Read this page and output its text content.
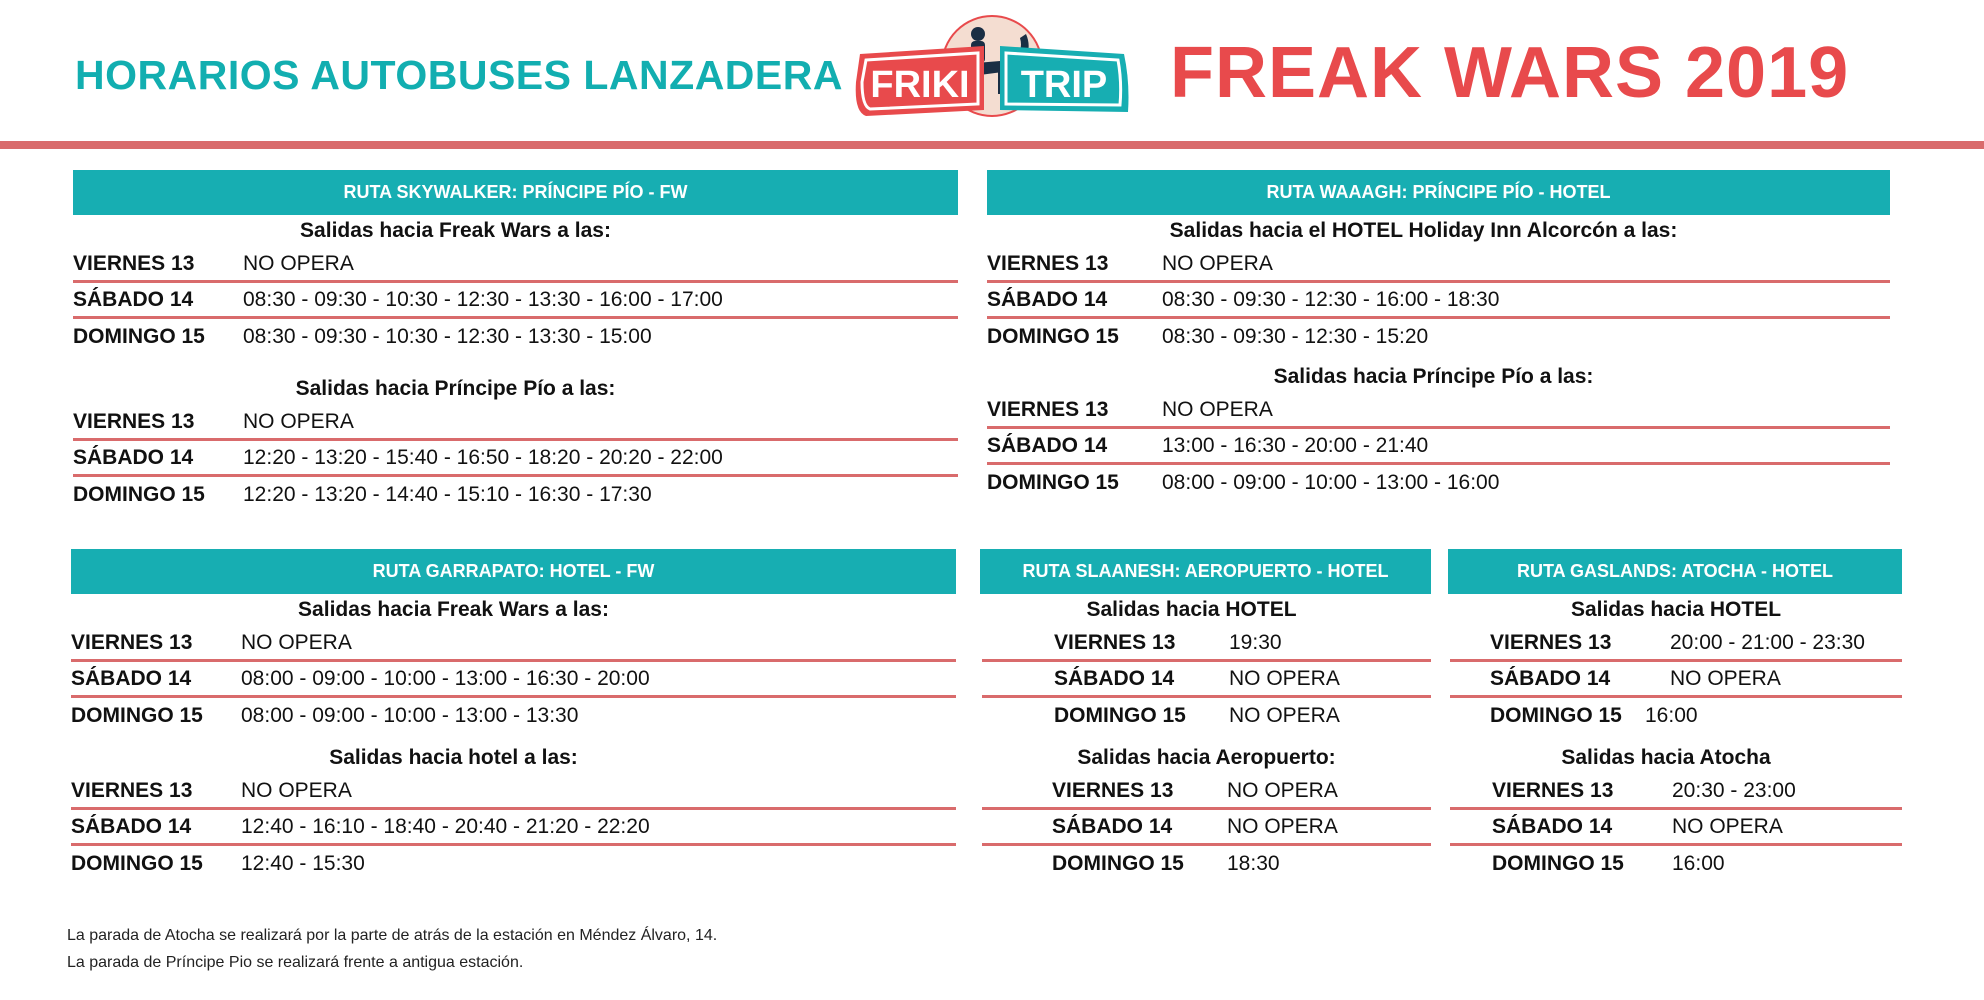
HORARIOS AUTOBUSES LANZADERA FRIKI TRIP FREAK WARS 2019
RUTA SKYWALKER: PRÍNCIPE PÍO - FW
Salidas hacia Freak Wars a las:
VIERNES 13	NO OPERA
SÁBADO 14	08:30 - 09:30 - 10:30 - 12:30 - 13:30 - 16:00 - 17:00
DOMINGO 15	08:30 - 09:30 - 10:30 - 12:30 - 13:30 - 15:00
Salidas hacia Príncipe Pío a las:
VIERNES 13	NO OPERA
SÁBADO 14	12:20 - 13:20 - 15:40 - 16:50 - 18:20 - 20:20 - 22:00
DOMINGO 15	12:20 - 13:20 - 14:40 - 15:10 - 16:30 - 17:30
RUTA WAAAGH: PRÍNCIPE PÍO - HOTEL
Salidas hacia el HOTEL Holiday Inn Alcorcón a las:
VIERNES 13	NO OPERA
SÁBADO 14	08:30 - 09:30 - 12:30 - 16:00 - 18:30
DOMINGO 15	08:30 - 09:30 - 12:30 - 15:20
Salidas hacia Príncipe Pío a las:
VIERNES 13	NO OPERA
SÁBADO 14	13:00 - 16:30 - 20:00 - 21:40
DOMINGO 15	08:00 - 09:00 - 10:00 - 13:00 - 16:00
RUTA GARRAPATO: HOTEL - FW
Salidas hacia Freak Wars a las:
VIERNES 13	NO OPERA
SÁBADO 14	08:00 - 09:00 - 10:00 - 13:00 - 16:30 - 20:00
DOMINGO 15	08:00 - 09:00 - 10:00 - 13:00 - 13:30
Salidas hacia hotel a las:
VIERNES 13	NO OPERA
SÁBADO 14	12:40 - 16:10 - 18:40 - 20:40 - 21:20 - 22:20
DOMINGO 15	12:40 - 15:30
RUTA SLAANESH: AEROPUERTO - HOTEL
Salidas hacia HOTEL
VIERNES 13	19:30
SÁBADO 14	NO OPERA
DOMINGO 15	NO OPERA
Salidas hacia Aeropuerto:
VIERNES 13	NO OPERA
SÁBADO 14	NO OPERA
DOMINGO 15	18:30
RUTA GASLANDS: ATOCHA - HOTEL
Salidas hacia HOTEL
VIERNES 13	20:00 - 21:00 - 23:30
SÁBADO 14	NO OPERA
DOMINGO 15	16:00
Salidas hacia Atocha
VIERNES 13	20:30 - 23:00
SÁBADO 14	NO OPERA
DOMINGO 15	16:00
La parada de Atocha se realizará por la parte de atrás de la estación en Méndez Álvaro, 14.
La parada de Príncipe Pio se realizará frente a antigua estación.
